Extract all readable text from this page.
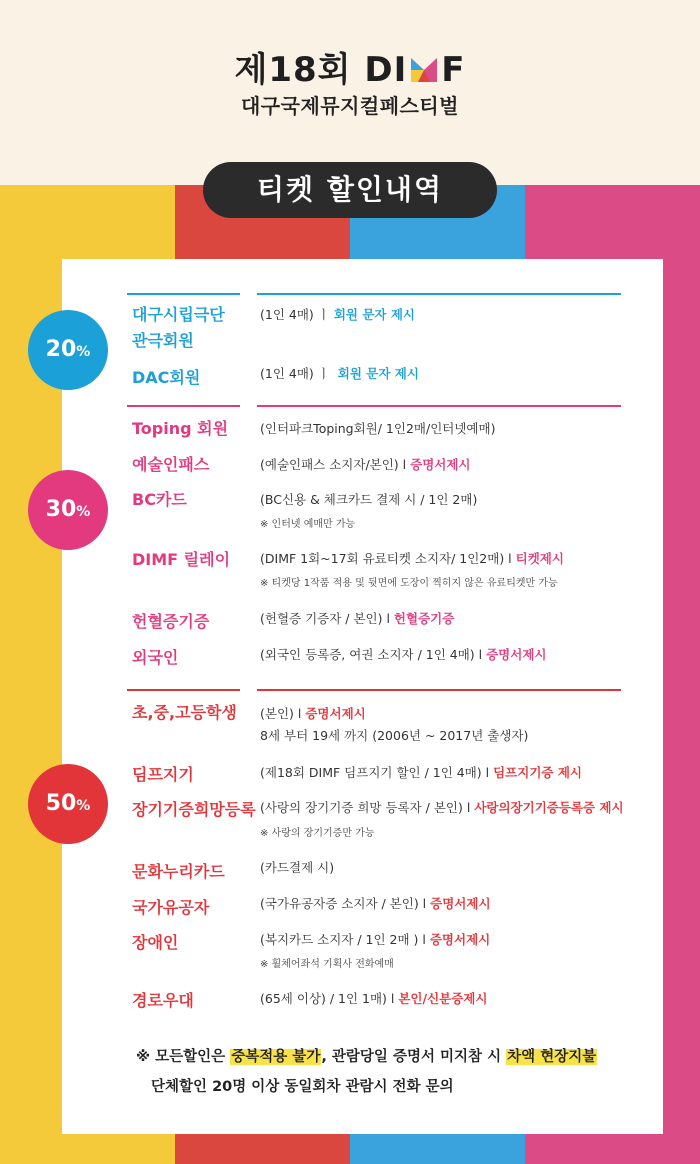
제18회 DI F
대구국제뮤지컬페스티벌
티켓 할인내역
20%
대구시립극단
관극회원
(1인 4매) ㅣ 회원 문자 제시
DAC회원	(1인 4매) ㅣ 회원 문자 제시
30%
Toping 회원	(인터파크Toping회원/ 1인2매/인터넷예매)
예술인패스	(예술인패스 소지자/본인) l 증명서제시
BC카드	(BC신용 & 체크카드 결제 시 / 1인 2매)
※ 인터넷 예매만 가능
DIMF 릴레이 (DIMF 1회~17회 유료티켓 소지자/ 1인2매) l 티켓제시
※ 티켓당 1작품 적용 및 뒷면에 도장이 찍히지 않은 유료티켓만 가능
헌혈증기증	(헌혈증 기증자 / 본인) l 헌혈증기증
외국인	(외국인 등록증, 여권 소지자 / 1인 4매) l 증명서제시
50%
초,중,고등학생 (본인) l 증명서제시
8세 부터 19세 까지 (2006년 ~ 2017년 출생자)
딤프지기	(제18회 DIMF 딤프지기 할인 / 1인 4매) l 딤프지기증 제시
장기기증희망등록 (사랑의 장기기증 희망 등록자 / 본인) l 사랑의장기기증등록증 제시
※ 사랑의 장기기증만 가능
문화누리카드	(카드결제 시)
국가유공자	(국가유공자증 소지자 / 본인) l 증명서제시
장애인	(복지카드 소지자 / 1인 2매 ) l 증명서제시
※ 휠체어좌석 기획사 전화예매
경로우대	(65세 이상) / 1인 1매) l 본인/신분증제시
※ 모든할인은 중복적용 불가, 관람당일 증명서 미지참 시 차액 현장지불
단체할인 20명 이상 동일회차 관람시 전화 문의
